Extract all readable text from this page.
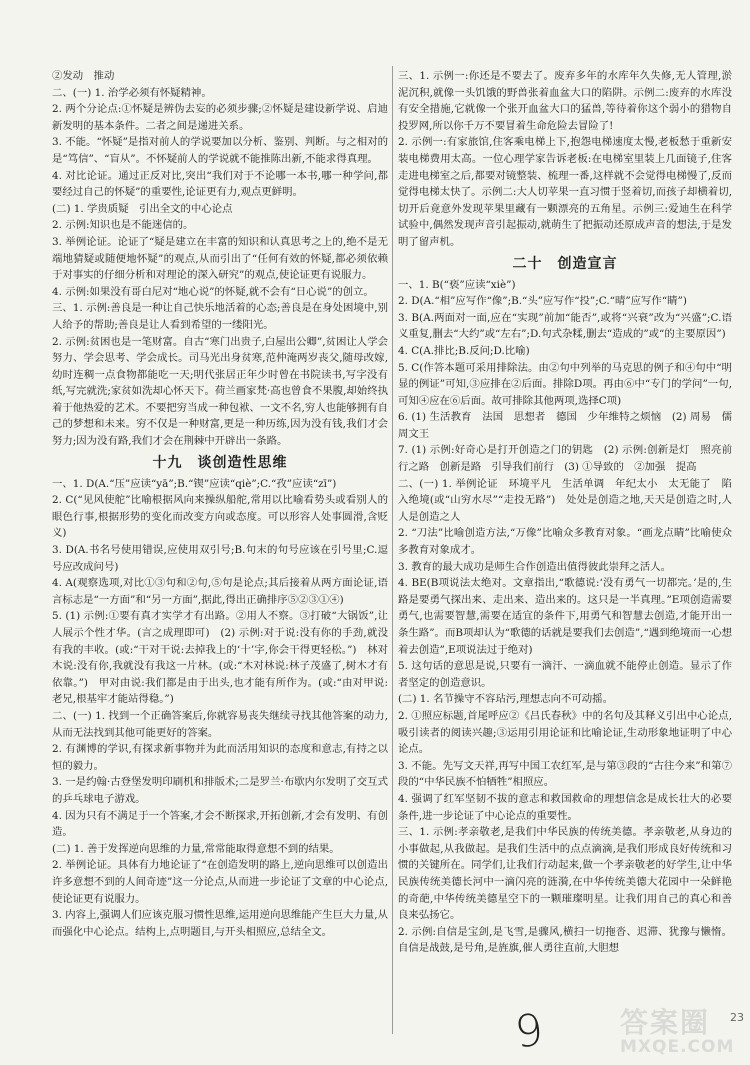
②发动　推动

二、(一) 1. 治学必须有怀疑精神。

2. 两个分论点:①怀疑是辨伪去妄的必须步骤;②怀疑是建设新学说、启迪新发明的基本条件。二者之间是递进关系。

3. 不能。“怀疑”是指对前人的学说要加以分析、鉴别、判断。与之相对的是“笃信”、“盲从”。不怀疑前人的学说就不能推陈出新,不能求得真理。

4. 对比论证。通过正反对比,突出“我们对于不论哪一本书,哪一种学问,都要经过自己的怀疑”的重要性,论证更有力,观点更鲜明。

(二) 1. 学贵质疑　引出全文的中心论点

2. 示例:知识也是不能迷信的。

3. 举例论证。论证了“疑是建立在丰富的知识和认真思考之上的,绝不是无端地猜疑或随便地怀疑”的观点,从而引出了“任何有效的怀疑,都必须依赖于对事实的仔细分析和对理论的深入研究”的观点,使论证更有说服力。

4. 示例:如果没有哥白尼对“地心说”的怀疑,就不会有“日心说”的创立。

三、1. 示例:善良是一种让自己快乐地活着的心态;善良是在身处困境中,别人给予的帮助;善良是让人看到希望的一缕阳光。

2. 示例:贫困也是一笔财富。自古“寒门出贵子,白屋出公卿”,贫困让人学会努力、学会思考、学会成长。司马光出身贫寒,范仲淹两岁丧父,随母改嫁,幼时连稠一点食物都能吃一天;明代张居正年少时曾在书院读书,写字没有纸,写完就洗;家贫如洗却心怀天下。荷兰画家梵·高也曾食不果腹,却始终执着于他热爱的艺术。不要把穷当成一种包袱、一文不名,穷人也能够拥有自己的梦想和未来。穷不仅是一种财富,更是一种历练,因为没有钱,我们才会努力;因为没有路,我们才会在荆棘中开辟出一条路。

十九　谈创造性思维

一、1. D(A.“压”应读“yā”;B.“锲”应读“qiè”;C.“孜”应读“zī”)

2. C(“见风使舵”比喻根据风向来操纵船舵,常用以比喻看势头或看别人的眼色行事,根据形势的变化而改变方向或态度。可以形容人处事圆滑,含贬义)

3. D(A.书名号使用错误,应使用双引号;B.句末的句号应该在引号里;C.逗号应改成问号)

4. A(观察选项,对比①③句和②句,⑤句是论点;其后接着从两方面论证,语言标志是“一方面”和“另一方面”,据此,得出正确排序⑤②③①④)

5. (1) 示例:①要有真才实学才有出路。②用人不察。③打破“大锅饭”,让人展示个性才华。(言之成理即可)　(2) 示例:对于说:没有你的手劲,就没有我的丰收。(或:“干对干说:去掉我上的‘十’字,你会干得更轻松。”)　林对木说:没有你,我就没有我这一片林。(或:“木对林说:林子茂盛了,树木才有依靠。”)　甲对由说:我们都是由于出头,也才能有所作为。(或:“由对甲说:老兄,根基牢才能站得稳。”)

二、(一) 1. 找到一个正确答案后,你就容易丧失继续寻找其他答案的动力,从而无法找到其他可能更好的答案。

2. 有渊博的学识,有探求新事物并为此而活用知识的态度和意志,有持之以恒的毅力。

3. 一是约翰·古登堡发明印刷机和排版术;二是罗兰·布歇内尔发明了交互式的乒乓球电子游戏。

4. 因为只有不满足于一个答案,才会不断探求,开拓创新,才会有发明、有创造。

(二) 1. 善于发挥逆向思维的力量,常常能取得意想不到的结果。

2. 举例论证。具体有力地论证了“在创造发明的路上,逆向思维可以创造出许多意想不到的人间奇迹”这一分论点,从而进一步论证了文章的中心论点,使论证更有说服力。

3. 内容上,强调人们应该克服习惯性思维,运用逆向思维能产生巨大力量,从而强化中心论点。结构上,点明题目,与开头相照应,总结全文。

三、1. 示例一:你还是不要去了。废弃多年的水库年久失修,无人管理,淤泥沉积,就像一头饥饿的野兽张着血盆大口的陷阱。示例二:废弃的水库没有安全措施,它就像一个张开血盆大口的猛兽,等待着你这个弱小的猎物自投罗网,所以你千万不要冒着生命危险去冒险了!

2. 示例一:有家旅馆,住客乘电梯上下,抱怨电梯速度太慢,老板愁于重新安装电梯费用太高。一位心理学家告诉老板:在电梯室里装上几面镜子,住客走进电梯室之后,都要对镜整装、梳理一番,这样就不会觉得电梯慢了,反而觉得电梯太快了。示例二:大人切苹果一直习惯于竖着切,而孩子却横着切,切开后竟意外发现苹果里藏有一颗漂亮的五角星。示例三:爱迪生在科学试验中,偶然发现声音引起振动,就萌生了把振动还原成声音的想法,于是发明了留声机。

二十　创造宣言

一、1. B(“亵”应读“xiè”)

2. D(A.“相”应写作“像”;B.“头”应写作“投”;C.“晴”应写作“睛”)

3. B(A.两面对一面,应在“实现”前加“能否”,或将“兴衰”改为“兴盛”;C.语义重复,删去“大约”或“左右”;D.句式杂糅,删去“造成的”或“的主要原因”)

4. C(A.排比;B.反问;D.比喻)

5. C(作答本题可采用排除法。由②句中列举的马克思的例子和④句中“明显的例证”可知,③应排在②后面。排除D项。再由⑥中“专门的学问”一句,可知④应在⑥后面。故可排除其他两项,选择C项)

6. (1) 生活教育　法国　思想者　德国　少年维特之烦恼　(2) 周易　儒　周文王

7. (1) 示例:好奇心是打开创造之门的钥匙　(2) 示例:创新是灯　照亮前行之路　创新是路　引导我们前行　(3) ①导致的　②加强　提高

二、(一) 1. 举例论证　环境平凡　生活单调　年纪太小　太无能了　陷入绝境(或“山穷水尽”“走投无路”)　处处是创造之地,天天是创造之时,人人是创造之人

2. “刀法”比喻创造方法,“万像”比喻众多教育对象。“画龙点睛”比喻使众多教育对象成才。

3. 教育的最大成功是师生合作创造出值得彼此崇拜之活人。

4. BE(B项说法太绝对。文章指出,“歌德说:‘没有勇气一切都完。’是的,生路是要勇气探出来、走出来、造出来的。这只是一半真理。”E项创造需要勇气,也需要智慧,需要在适宜的条件下,用勇气和智慧去创造,才能开出一条生路”。而B项却认为“歌德的话就是要我们去创造”,“遇到绝境而一心想着去创造”,E项说法过于绝对)

5. 这句话的意思是说,只要有一滴汗、一滴血就不能停止创造。显示了作者坚定的创造意识。

(二) 1. 名节操守不容玷污,理想志向不可动摇。

2. ①照应标题,首尾呼应②《吕氏春秋》中的名句及其释义引出中心论点,吸引读者的阅读兴趣;③运用引用论证和比喻论证,生动形象地证明了中心论点。

3. 不能。先写文天祥,再写中国工农红军,是与第③段的“古往今来”和第⑦段的“中华民族不怕牺牲”相照应。

4. 强调了红军坚韧不拔的意志和救国救命的理想信念是成长壮大的必要条件,进一步论证了中心论点的重要性。

三、1. 示例:孝亲敬老,是我们中华民族的传统美德。孝亲敬老,从身边的小事做起,从我做起。是我们生活中的点点滴滴,是我们形成良好传统和习惯的关键所在。同学们,让我们行动起来,做一个孝亲敬老的好学生,让中华民族传统美德长河中一滴闪亮的涟漪,在中华传统美德大花园中一朵鲜艳的奇葩,中华传统美德星空下的一颗璀璨明星。让我们用自己的真心和善良来弘扬它。

2. 示例:自信是宝剑,是飞雪,是骤风,横扫一切拖沓、迟滞、犹豫与懒惰。自信是战鼓,是号角,是旌旗,催人勇往直前,大胆想

9	23
答案圈
MXQE.COM
